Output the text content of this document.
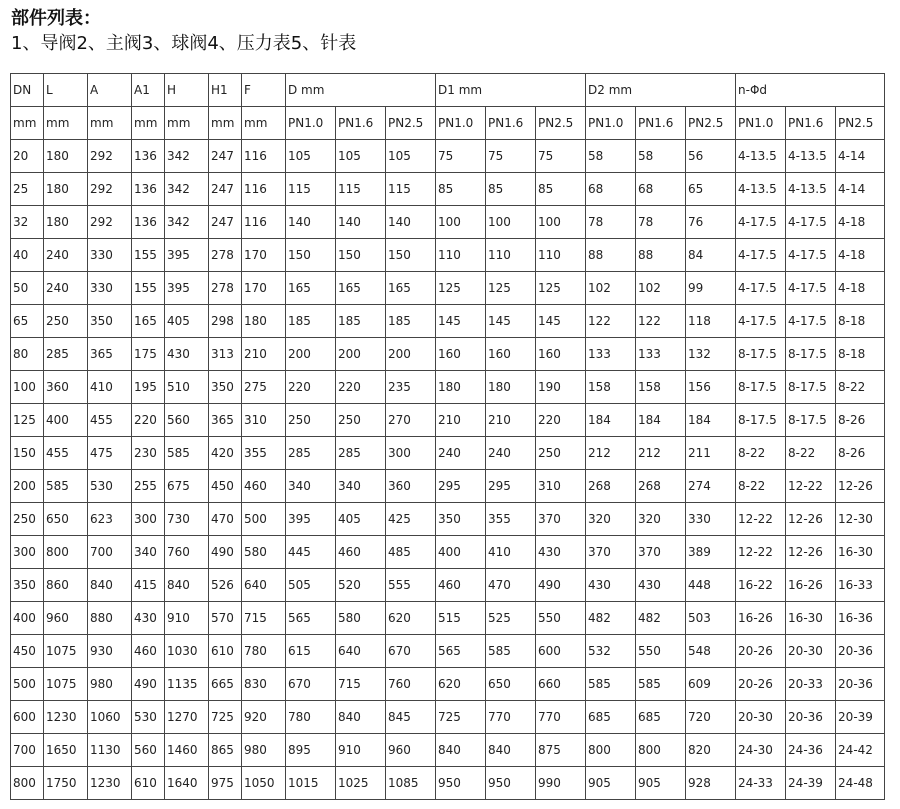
部件列表：
1、导阀2、主阀3、球阀4、压力表5、针表
DN	L	A	A1	H	H1	F	D mm			D1 mm			D2 mm			n-Φd		
mm	mm	mm	mm	mm	mm	mm	PN1.0	PN1.6	PN2.5	PN1.0	PN1.6	PN2.5	PN1.0	PN1.6	PN2.5	PN1.0	PN1.6	PN2.5
20	180	292	136	342	247	116	105	105	105	75	75	75	58	58	56	4-13.5	4-13.5	4-14
25	180	292	136	342	247	116	115	115	115	85	85	85	68	68	65	4-13.5	4-13.5	4-14
32	180	292	136	342	247	116	140	140	140	100	100	100	78	78	76	4-17.5	4-17.5	4-18
40	240	330	155	395	278	170	150	150	150	110	110	110	88	88	84	4-17.5	4-17.5	4-18
50	240	330	155	395	278	170	165	165	165	125	125	125	102	102	99	4-17.5	4-17.5	4-18
65	250	350	165	405	298	180	185	185	185	145	145	145	122	122	118	4-17.5	4-17.5	8-18
80	285	365	175	430	313	210	200	200	200	160	160	160	133	133	132	8-17.5	8-17.5	8-18
100	360	410	195	510	350	275	220	220	235	180	180	190	158	158	156	8-17.5	8-17.5	8-22
125	400	455	220	560	365	310	250	250	270	210	210	220	184	184	184	8-17.5	8-17.5	8-26
150	455	475	230	585	420	355	285	285	300	240	240	250	212	212	211	8-22	8-22	8-26
200	585	530	255	675	450	460	340	340	360	295	295	310	268	268	274	8-22	12-22	12-26
250	650	623	300	730	470	500	395	405	425	350	355	370	320	320	330	12-22	12-26	12-30
300	800	700	340	760	490	580	445	460	485	400	410	430	370	370	389	12-22	12-26	16-30
350	860	840	415	840	526	640	505	520	555	460	470	490	430	430	448	16-22	16-26	16-33
400	960	880	430	910	570	715	565	580	620	515	525	550	482	482	503	16-26	16-30	16-36
450	1075	930	460	1030	610	780	615	640	670	565	585	600	532	550	548	20-26	20-30	20-36
500	1075	980	490	1135	665	830	670	715	760	620	650	660	585	585	609	20-26	20-33	20-36
600	1230	1060	530	1270	725	920	780	840	845	725	770	770	685	685	720	20-30	20-36	20-39
700	1650	1130	560	1460	865	980	895	910	960	840	840	875	800	800	820	24-30	24-36	24-42
800	1750	1230	610	1640	975	1050	1015	1025	1085	950	950	990	905	905	928	24-33	24-39	24-48
